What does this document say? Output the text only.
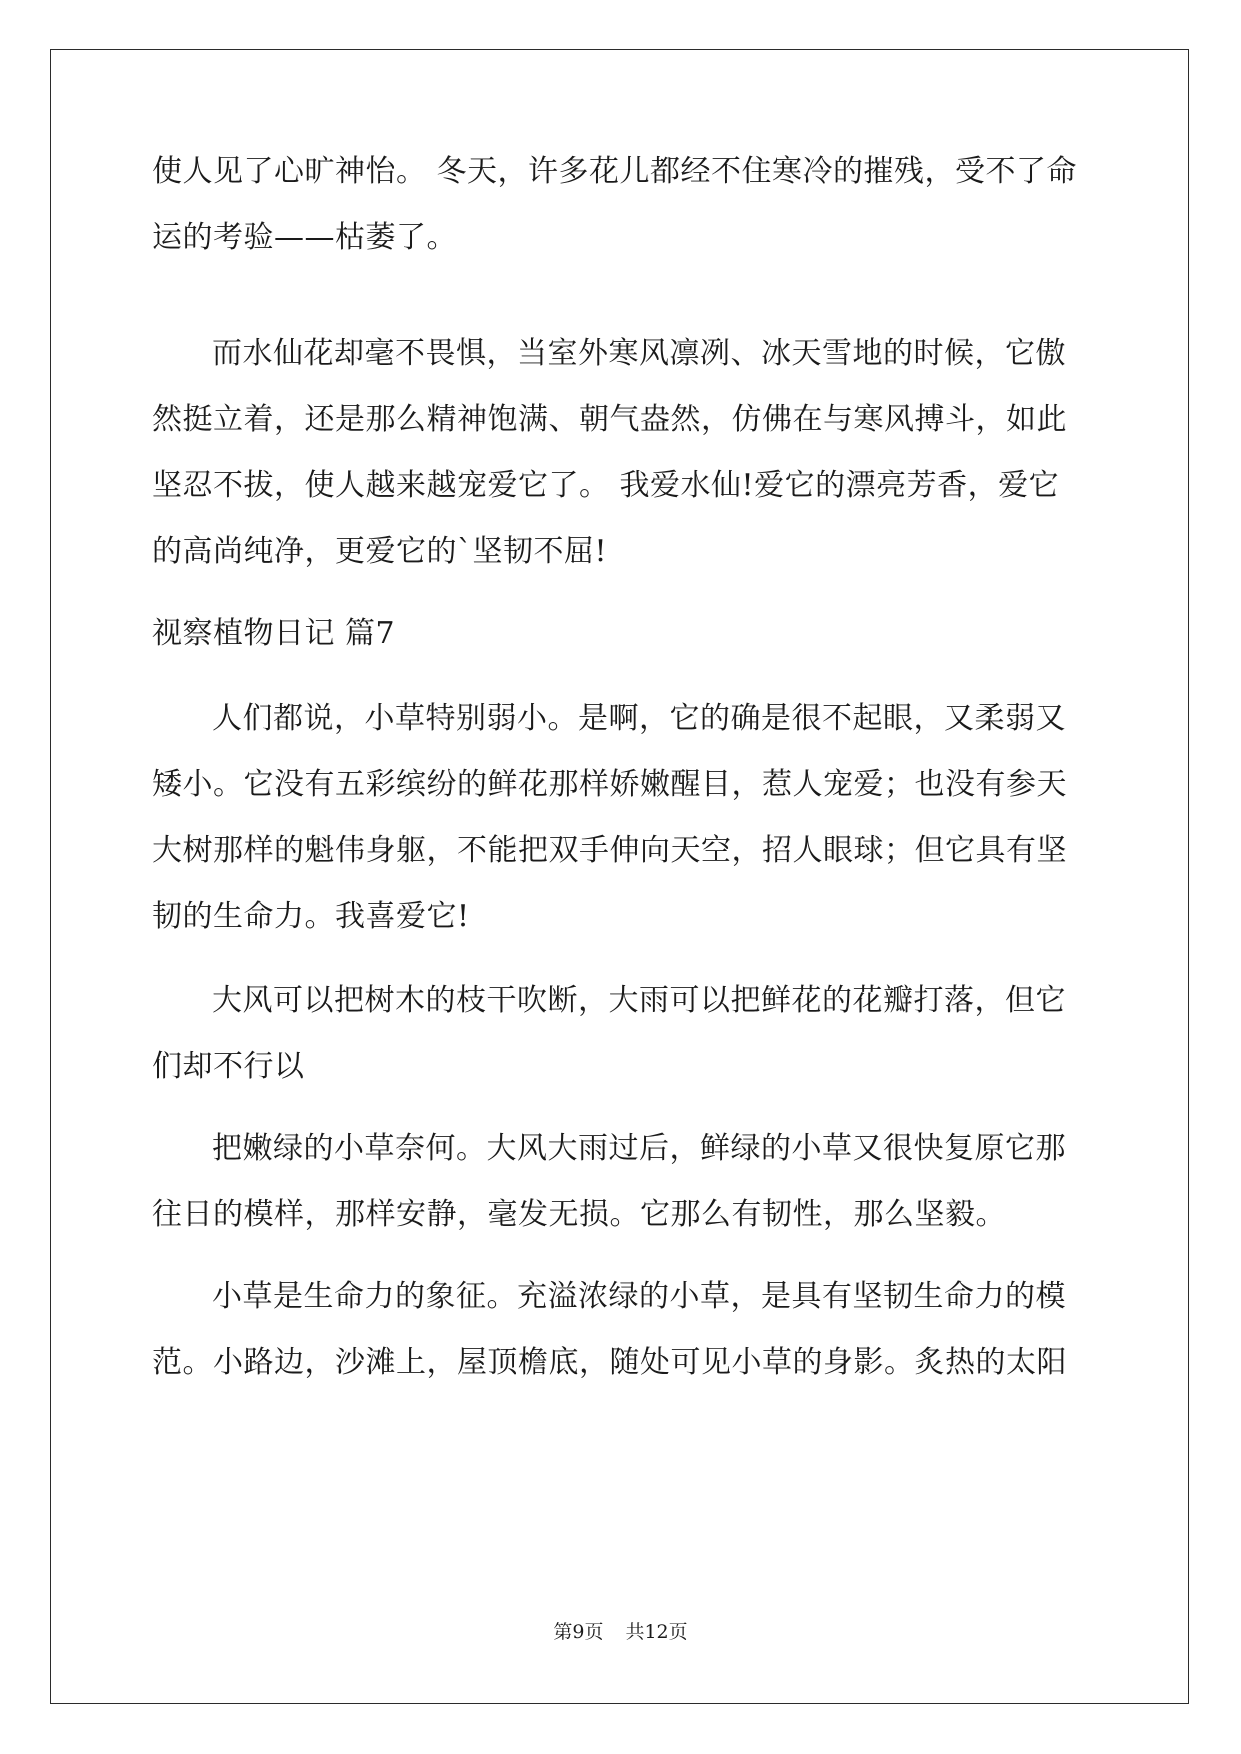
使人见了心旷神怡。 冬天，许多花儿都经不住寒冷的摧残，受不了命
运的考验——枯萎了。
而水仙花却毫不畏惧，当室外寒风凛冽、冰天雪地的时候，它傲
然挺立着，还是那么精神饱满、朝气盎然，仿佛在与寒风搏斗，如此
坚忍不拔，使人越来越宠爱它了。 我爱水仙!爱它的漂亮芳香，爱它
的高尚纯净，更爱它的`坚韧不屈!
视察植物日记 篇7
人们都说，小草特别弱小。是啊，它的确是很不起眼，又柔弱又
矮小。它没有五彩缤纷的鲜花那样娇嫩醒目，惹人宠爱；也没有参天
大树那样的魁伟身躯，不能把双手伸向天空，招人眼球；但它具有坚
韧的生命力。我喜爱它!
大风可以把树木的枝干吹断，大雨可以把鲜花的花瓣打落，但它
们却不行以
把嫩绿的小草奈何。大风大雨过后，鲜绿的小草又很快复原它那
往日的模样，那样安静，毫发无损。它那么有韧性，那么坚毅。
小草是生命力的象征。充溢浓绿的小草，是具有坚韧生命力的模
范。小路边，沙滩上，屋顶檐底，随处可见小草的身影。炙热的太阳
第9页 共12页
